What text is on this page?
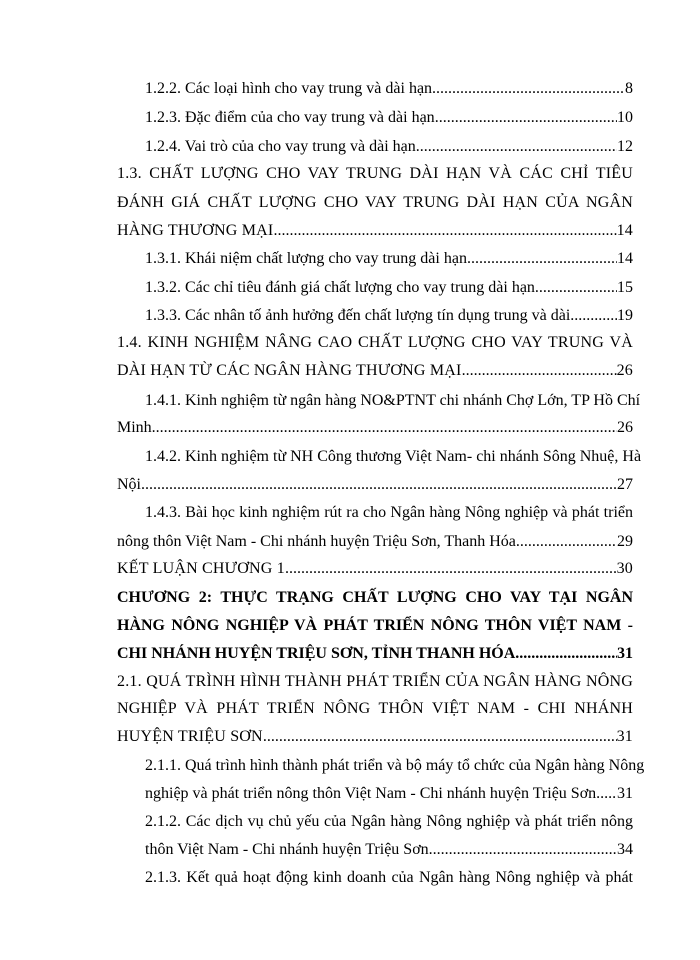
1.2.2. Các loại hình cho vay trung và dài hạn .....	8
1.2.3. Đặc điểm của cho vay trung và dài hạn .....	10
1.2.4. Vai trò của cho vay trung và dài hạn .....	12
1.3. CHẤT LƯỢNG CHO VAY TRUNG DÀI HẠN VÀ CÁC CHỈ TIÊU
ĐÁNH GIÁ CHẤT LƯỢNG CHO VAY TRUNG DÀI HẠN CỦA NGÂN
HÀNG THƯƠNG MẠI .....	14
1.3.1. Khái niệm chất lượng cho vay trung dài hạn .....	14
1.3.2. Các chỉ tiêu đánh giá chất lượng cho vay trung dài hạn .....	15
1.3.3. Các nhân tố ảnh hưởng đến chất lượng tín dụng trung và dài .....	19
1.4. KINH NGHIỆM NÂNG CAO CHẤT LƯỢNG CHO VAY TRUNG VÀ
DÀI HẠN TỪ CÁC NGÂN HÀNG THƯƠNG MẠI .....	26
1.4.1. Kinh nghiệm từ ngân hàng NO&PTNT chi nhánh Chợ Lớn, TP Hồ Chí
Minh .....	26
1.4.2. Kinh nghiệm từ NH Công thương Việt Nam- chi nhánh Sông Nhuệ, Hà
Nội .....	27
1.4.3. Bài học kinh nghiệm rút ra cho Ngân hàng Nông nghiệp và phát triển
nông thôn Việt Nam - Chi nhánh huyện Triệu Sơn, Thanh Hóa .....	29
KẾT LUẬN CHƯƠNG 1 .....	30
CHƯƠNG 2: THỰC TRẠNG CHẤT LƯỢNG CHO VAY TẠI NGÂN
HÀNG NÔNG NGHIỆP VÀ PHÁT TRIỂN NÔNG THÔN VIỆT NAM -
CHI NHÁNH HUYỆN TRIỆU SƠN, TỈNH THANH HÓA .....	31
2.1. QUÁ TRÌNH HÌNH THÀNH PHÁT TRIỂN CỦA NGÂN HÀNG NÔNG
NGHIỆP VÀ PHÁT TRIỂN NÔNG THÔN VIỆT NAM - CHI NHÁNH
HUYỆN TRIỆU SƠN .....	31
2.1.1. Quá trình hình thành phát triển và bộ máy tổ chức của Ngân hàng Nông
nghiệp và phát triển nông thôn Việt Nam - Chi nhánh huyện Triệu Sơn ..... 31
2.1.2. Các dịch vụ chủ yếu của Ngân hàng Nông nghiệp và phát triển nông
thôn Việt Nam - Chi nhánh huyện Triệu Sơn .....	34
2.1.3. Kết quả hoạt động kinh doanh của Ngân hàng Nông nghiệp và phát
